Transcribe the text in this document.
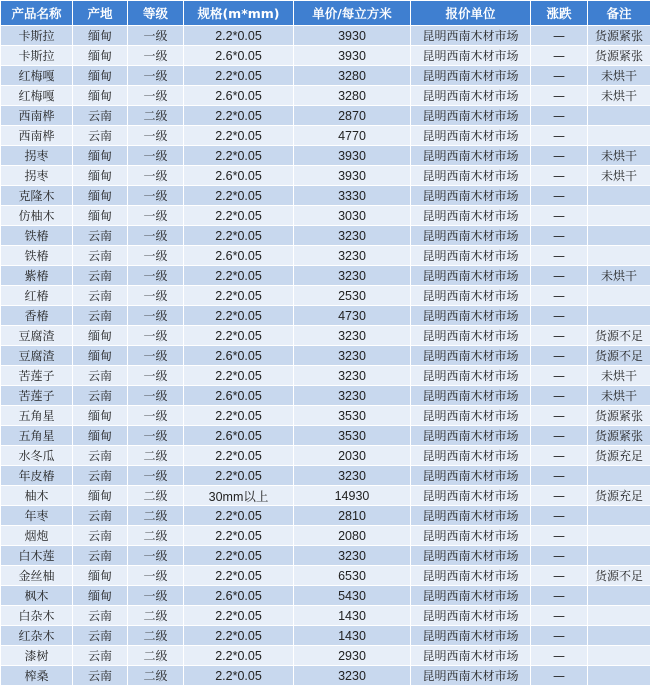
产品名称	产地	等级	规格(m*mm)	单价/每立方米	报价单位	涨跌	备注
卡斯拉	缅甸	一级	2.2*0.05	3930	昆明西南木材市场	—	货源紧张
卡斯拉	缅甸	一级	2.6*0.05	3930	昆明西南木材市场	—	货源紧张
红梅嘎	缅甸	一级	2.2*0.05	3280	昆明西南木材市场	—	未烘干
红梅嘎	缅甸	一级	2.6*0.05	3280	昆明西南木材市场	—	未烘干
西南桦	云南	二级	2.2*0.05	2870	昆明西南木材市场	—	
西南桦	云南	一级	2.2*0.05	4770	昆明西南木材市场	—	
拐枣	缅甸	一级	2.2*0.05	3930	昆明西南木材市场	—	未烘干
拐枣	缅甸	一级	2.6*0.05	3930	昆明西南木材市场	—	未烘干
克隆木	缅甸	一级	2.2*0.05	3330	昆明西南木材市场	—	
仿柚木	缅甸	一级	2.2*0.05	3030	昆明西南木材市场	—	
铁椿	云南	一级	2.2*0.05	3230	昆明西南木材市场	—	
铁椿	云南	一级	2.6*0.05	3230	昆明西南木材市场	—	
紫椿	云南	一级	2.2*0.05	3230	昆明西南木材市场	—	未烘干
红椿	云南	一级	2.2*0.05	2530	昆明西南木材市场	—	
香椿	云南	一级	2.2*0.05	4730	昆明西南木材市场	—	
豆腐渣	缅甸	一级	2.2*0.05	3230	昆明西南木材市场	—	货源不足
豆腐渣	缅甸	一级	2.6*0.05	3230	昆明西南木材市场	—	货源不足
苦莲子	云南	一级	2.2*0.05	3230	昆明西南木材市场	—	未烘干
苦莲子	云南	一级	2.6*0.05	3230	昆明西南木材市场	—	未烘干
五角星	缅甸	一级	2.2*0.05	3530	昆明西南木材市场	—	货源紧张
五角星	缅甸	一级	2.6*0.05	3530	昆明西南木材市场	—	货源紧张
水冬瓜	云南	二级	2.2*0.05	2030	昆明西南木材市场	—	货源充足
年皮椿	云南	一级	2.2*0.05	3230	昆明西南木材市场	—	
柚木	缅甸	二级	30mm以上	14930	昆明西南木材市场	—	货源充足
年枣	云南	二级	2.2*0.05	2810	昆明西南木材市场	—	
烟炮	云南	二级	2.2*0.05	2080	昆明西南木材市场	—	
白木莲	云南	一级	2.2*0.05	3230	昆明西南木材市场	—	
金丝柚	缅甸	一级	2.2*0.05	6530	昆明西南木材市场	—	货源不足
枫木	缅甸	一级	2.6*0.05	5430	昆明西南木材市场	—	
白杂木	云南	二级	2.2*0.05	1430	昆明西南木材市场	—	
红杂木	云南	二级	2.2*0.05	1430	昆明西南木材市场	—	
漆树	云南	二级	2.2*0.05	2930	昆明西南木材市场	—	
榨桑	云南	二级	2.2*0.05	3230	昆明西南木材市场	—	
